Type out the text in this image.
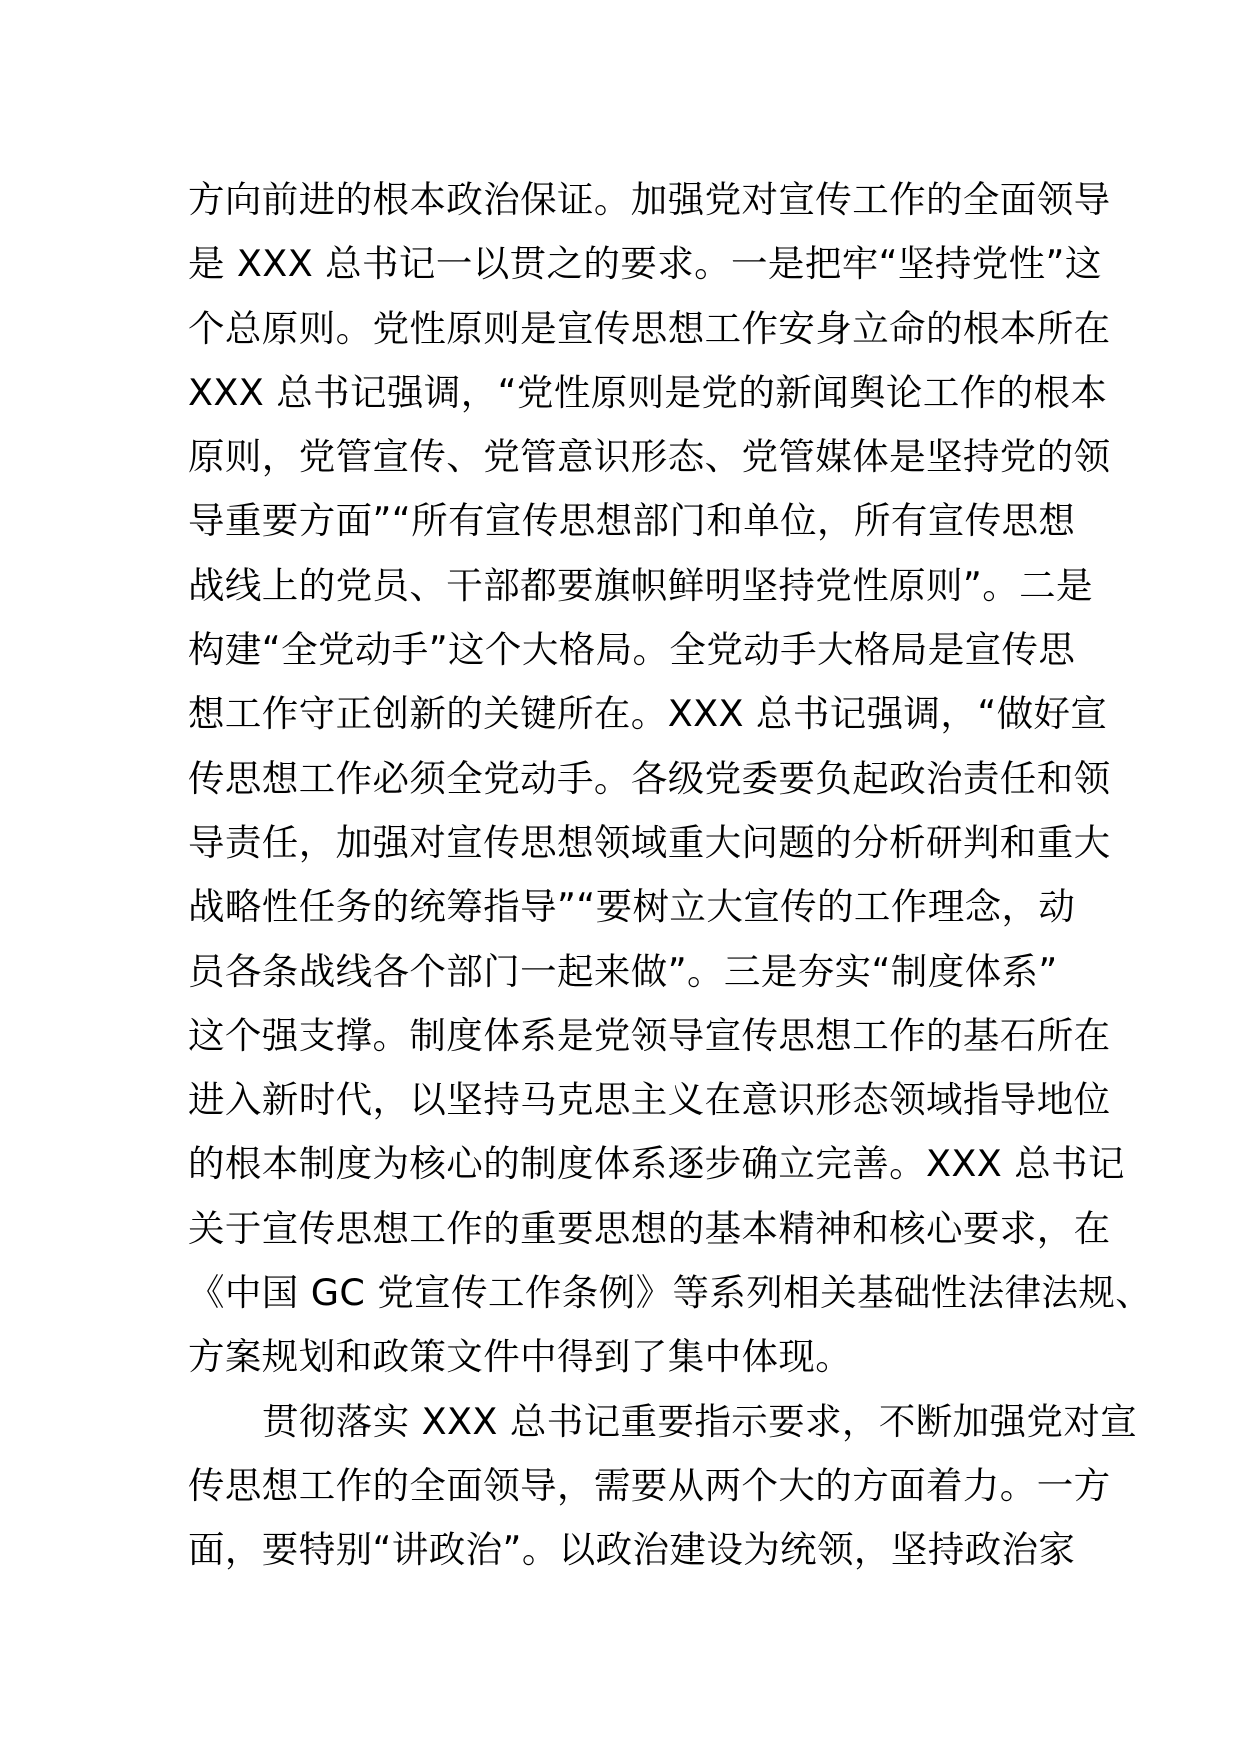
方向前进的根本政治保证。加强党对宣传工作的全面领导
是 XXX 总书记一以贯之的要求。一是把牢“坚持党性”这
个总原则。党性原则是宣传思想工作安身立命的根本所在
XXX 总书记强调，“党性原则是党的新闻舆论工作的根本
原则，党管宣传、党管意识形态、党管媒体是坚持党的领
导重要方面”“所有宣传思想部门和单位，所有宣传思想
战线上的党员、干部都要旗帜鲜明坚持党性原则”。二是
构建“全党动手”这个大格局。全党动手大格局是宣传思
想工作守正创新的关键所在。XXX 总书记强调，“做好宣
传思想工作必须全党动手。各级党委要负起政治责任和领
导责任，加强对宣传思想领域重大问题的分析研判和重大
战略性任务的统筹指导”“要树立大宣传的工作理念，动
员各条战线各个部门一起来做”。三是夯实“制度体系”
这个强支撑。制度体系是党领导宣传思想工作的基石所在
进入新时代，以坚持马克思主义在意识形态领域指导地位
的根本制度为核心的制度体系逐步确立完善。XXX 总书记
关于宣传思想工作的重要思想的基本精神和核心要求，在
《中国 GC 党宣传工作条例》等系列相关基础性法律法规、
方案规划和政策文件中得到了集中体现。
贯彻落实 XXX 总书记重要指示要求，不断加强党对宣
传思想工作的全面领导，需要从两个大的方面着力。一方
面，要特别“讲政治”。以政治建设为统领，坚持政治家
